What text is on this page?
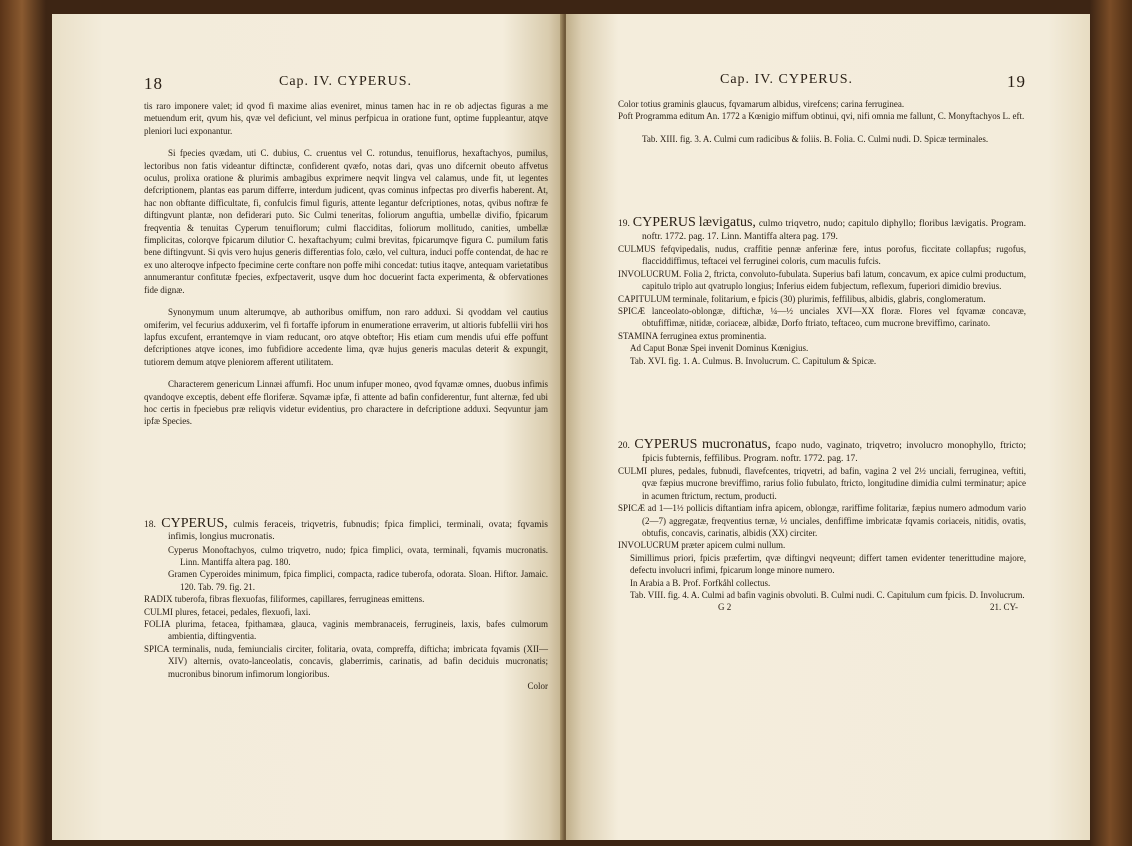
18	Cap. IV. CYPERUS.

tis raro imponere valet; id qvod fi maxime alias eveniret, minus tamen hac in re ob adjectas figuras a me metuendum erit, qvum his, qvæ vel deficiunt, vel minus perfpicua in oratione funt, optime fuppleantur, atqve pleniori luci exponantur.

Si fpecies qvædam, uti C. dubius, C. cruentus vel C. rotundus, tenuiflorus, hexaftachyos, pumilus, lectoribus non fatis videantur diftinctæ, confiderent qvæfo, notas dari, qvas uno difcernit obeuto affvetus oculus, prolixa oratione & plurimis ambagibus exprimere neqvit lingva vel calamus, unde fit, ut legentes defcriptionem, plantas eas parum differre, interdum judicent, qvas cominus infpectas pro diverfis haberent. At, hac non obftante difficultate, fi, confulcis fimul figuris, attente legantur defcriptiones, notas, qvibus noftræ fe diftingvunt plantæ, non defiderari puto. Sic Culmi teneritas, foliorum anguftia, umbellæ divifio, fpicarum freqventia & tenuitas Cyperum tenuiflorum; culmi flacciditas, foliorum mollitudo, canities, umbellæ fimplicitas, colorqve fpicarum dilutior C. hexaftachyum; culmi brevitas, fpicarumqve figura C. pumilum fatis bene diftingvunt. Si qvis vero hujus generis differentias folo, cælo, vel cultura, induci poffe contendat, de hac re ex uno alteroqve infpecto fpecimine certe conftare non poffe mihi concedat: tutius itaqve, antequam varietatibus annumerantur confitutæ fpecies, exfpectaverit, usqve dum hoc docuerint facta experimenta, & obfervationes fide dignæ.

Synonymum unum alterumqve, ab authoribus omiffum, non raro adduxi. Si qvoddam vel cautius omiferim, vel fecurius adduxerim, vel fi fortaffe ipforum in enumeratione erraverim, ut altioris fubfellii viri hos lapfus excufent, errantemqve in viam reducant, oro atqve obteftor; His etiam cum mendis ufui effe poffunt defcriptiones atqve icones, imo fubfidiore accedente lima, qvæ hujus generis maculas deterit & expungit, tutiorem demum atqve pleniorem afferent utilitatem.

Characterem genericum Linnæi affumfi. Hoc unum infuper moneo, qvod fqvamæ omnes, duobus infimis qvandoqve exceptis, debent effe floriferæ. Sqvamæ ipfæ, fi attente ad bafin confiderentur, funt alternæ, fed ubi hoc certis in fpeciebus præ reliqvis videtur evidentius, pro charactere in defcriptione adduxi. Seqvuntur jam ipfæ Species.

18. CYPERUS, culmis feraceis, triqvetris, fubnudis; fpica fimplici, terminali, ovata; fqvamis infimis, longius mucronatis.

Cyperus Monoftachyos, culmo triqvetro, nudo; fpica fimplici, ovata, terminali, fqvamis mucronatis. Linn. Mantiffa altera pag. 180.

Gramen Cyperoides minimum, fpica fimplici, compacta, radice tuberofa, odorata. Sloan. Hiftor. Jamaic. 120. Tab. 79. fig. 21.

RADIX tuberofa, fibras flexuofas, filiformes, capillares, ferrugineas emittens.

CULMI plures, fetacei, pedales, flexuofi, laxi.

FOLIA plurima, fetacea, fpithamæa, glauca, vaginis membranaceis, ferrugineis, laxis, bafes culmorum ambientia, diftingventia.

SPICA terminalis, nuda, femiuncialis circiter, folitaria, ovata, compreffa, difticha; imbricata fqvamis (XII—XIV) alternis, ovato-lanceolatis, concavis, glaberrimis, carinatis, ad bafin deciduis mucronatis; mucronibus binorum infimorum longioribus.

Color

Cap. IV. CYPERUS.	19

Color totius graminis glaucus, fqvamarum albidus, virefcens; carina ferruginea.

Poft Programma editum An. 1772 a Kœnigio miffum obtinui, qvi, nifi omnia me fallunt, C. Monyftachyos L. eft.

Tab. XIII. fig. 3. A. Culmi cum radicibus & foliis. B. Folia. C. Culmi nudi. D. Spicæ terminales.

19. CYPERUS lævigatus, culmo triqvetro, nudo; capitulo diphyllo; floribus lævigatis. Program. noftr. 1772. pag. 17. Linn. Mantiffa altera pag. 179.

CULMUS fefqvipedalis, nudus, craffitie pennæ anferinæ fere, intus porofus, ficcitate collapfus; rugofus, flacciddiffimus, teftacei vel ferruginei coloris, cum maculis fufcis.

INVOLUCRUM. Folia 2, ftricta, convoluto-fubulata. Superius bafi latum, concavum, ex apice culmi productum, capitulo triplo aut qvatruplo longius; Inferius eidem fubjectum, reflexum, fuperiori dimidio brevius.

CAPITULUM terminale, folitarium, e fpicis (30) plurimis, feffilibus, albidis, glabris, conglomeratum.

SPICÆ lanceolato-oblongæ, diftichæ, ¼—½ unciales XVI—XX floræ. Flores vel fqvamæ concavæ, obtufiffimæ, nitidæ, coriaceæ, albidæ, Dorfo ftriato, teftaceo, cum mucrone breviffimo, carinato.

STAMINA ferruginea extus prominentia.

Ad Caput Bonæ Spei invenit Dominus Kœnigius.

Tab. XVI. fig. 1. A. Culmus. B. Involucrum. C. Capitulum & Spicæ.

20. CYPERUS mucronatus, fcapo nudo, vaginato, triqvetro; involucro monophyllo, ftricto; fpicis fubternis, feffilibus. Program. noftr. 1772. pag. 17.

CULMI plures, pedales, fubnudi, flavefcentes, triqvetri, ad bafin, vagina 2 vel 2½ unciali, ferruginea, veftiti, qvæ fæpius mucrone breviffimo, rarius folio fubulato, ftricto, longitudine dimidia culmi terminatur; apice in acumen ftrictum, rectum, producti.

SPICÆ ad 1—1½ pollicis diftantiam infra apicem, oblongæ, rariffime folitariæ, fæpius numero admodum vario (2—7) aggregatæ, freqventius ternæ, ½ unciales, denfiffime imbricatæ fqvamis coriaceis, nitidis, ovatis, obtufis, concavis, carinatis, albidis (XX) circiter.

INVOLUCRUM præter apicem culmi nullum.

Simillimus priori, fpicis præfertim, qvæ diftingvi neqveunt; differt tamen evidenter tenerittudine majore, defectu involucri infimi, fpicarum longe minore numero.

In Arabia a B. Prof. Forfkåhl collectus.

Tab. VIII. fig. 4. A. Culmi ad bafin vaginis obvoluti. B. Culmi nudi. C. Capitulum cum fpicis. D. Involucrum.

G 2	21. CY-
